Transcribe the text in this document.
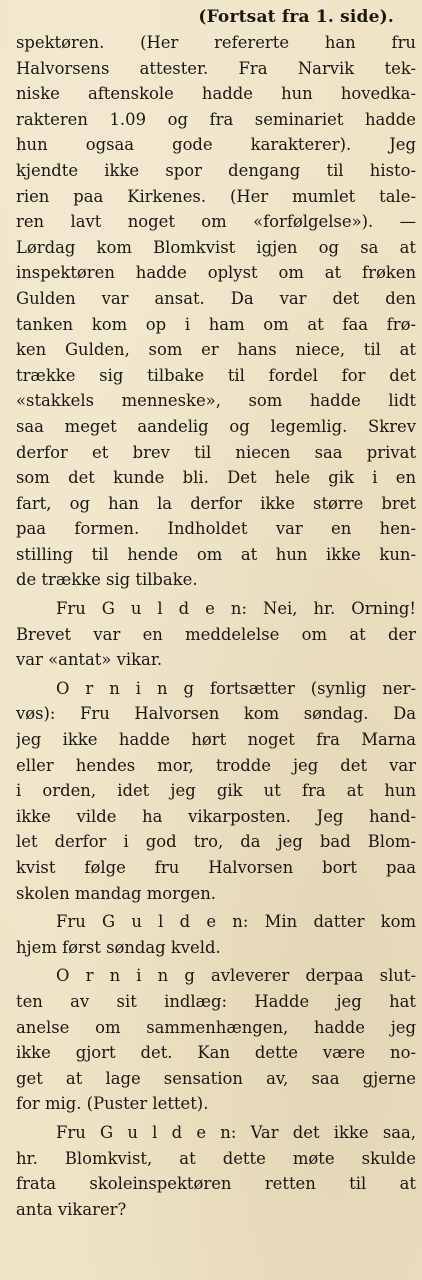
(Fortsat fra 1. side).
spektøren. (Her refererte han fru
Halvorsens attester. Fra Narvik tek-
niske aftenskole hadde hun hovedka-
rakteren 1.09 og fra seminariet hadde
hun ogsaa gode karakterer). Jeg
kjendte ikke spor dengang til histo-
rien paa Kirkenes. (Her mumlet tale-
ren lavt noget om «forfølgelse»). —
Lørdag kom Blomkvist igjen og sa at
inspektøren hadde oplyst om at frøken
Gulden var ansat. Da var det den
tanken kom op i ham om at faa frø-
ken Gulden, som er hans niece, til at
trække sig tilbake til fordel for det
«stakkels menneske», som hadde lidt
saa meget aandelig og legemlig. Skrev
derfor et brev til niecen saa privat
som det kunde bli. Det hele gik i en
fart, og han la derfor ikke større bret
paa formen. Indholdet var en hen-
stilling til hende om at hun ikke kun-
de trække sig tilbake.
Fru G u l d e n: Nei, hr. Orning!
Brevet var en meddelelse om at der
var «antat» vikar.
O r n i n g fortsætter (synlig ner-
vøs): Fru Halvorsen kom søndag. Da
jeg ikke hadde hørt noget fra Marna
eller hendes mor, trodde jeg det var
i orden, idet jeg gik ut fra at hun
ikke vilde ha vikarposten. Jeg hand-
let derfor i god tro, da jeg bad Blom-
kvist følge fru Halvorsen bort paa
skolen mandag morgen.
Fru G u l d e n: Min datter kom
hjem først søndag kveld.
O r n i n g avleverer derpaa slut-
ten av sit indlæg: Hadde jeg hat
anelse om sammenhængen, hadde jeg
ikke gjort det. Kan dette være no-
get at lage sensation av, saa gjerne
for mig. (Puster lettet).
Fru G u l d e n: Var det ikke saa,
hr. Blomkvist, at dette møte skulde
frata skoleinspektøren retten til at
anta vikarer?
